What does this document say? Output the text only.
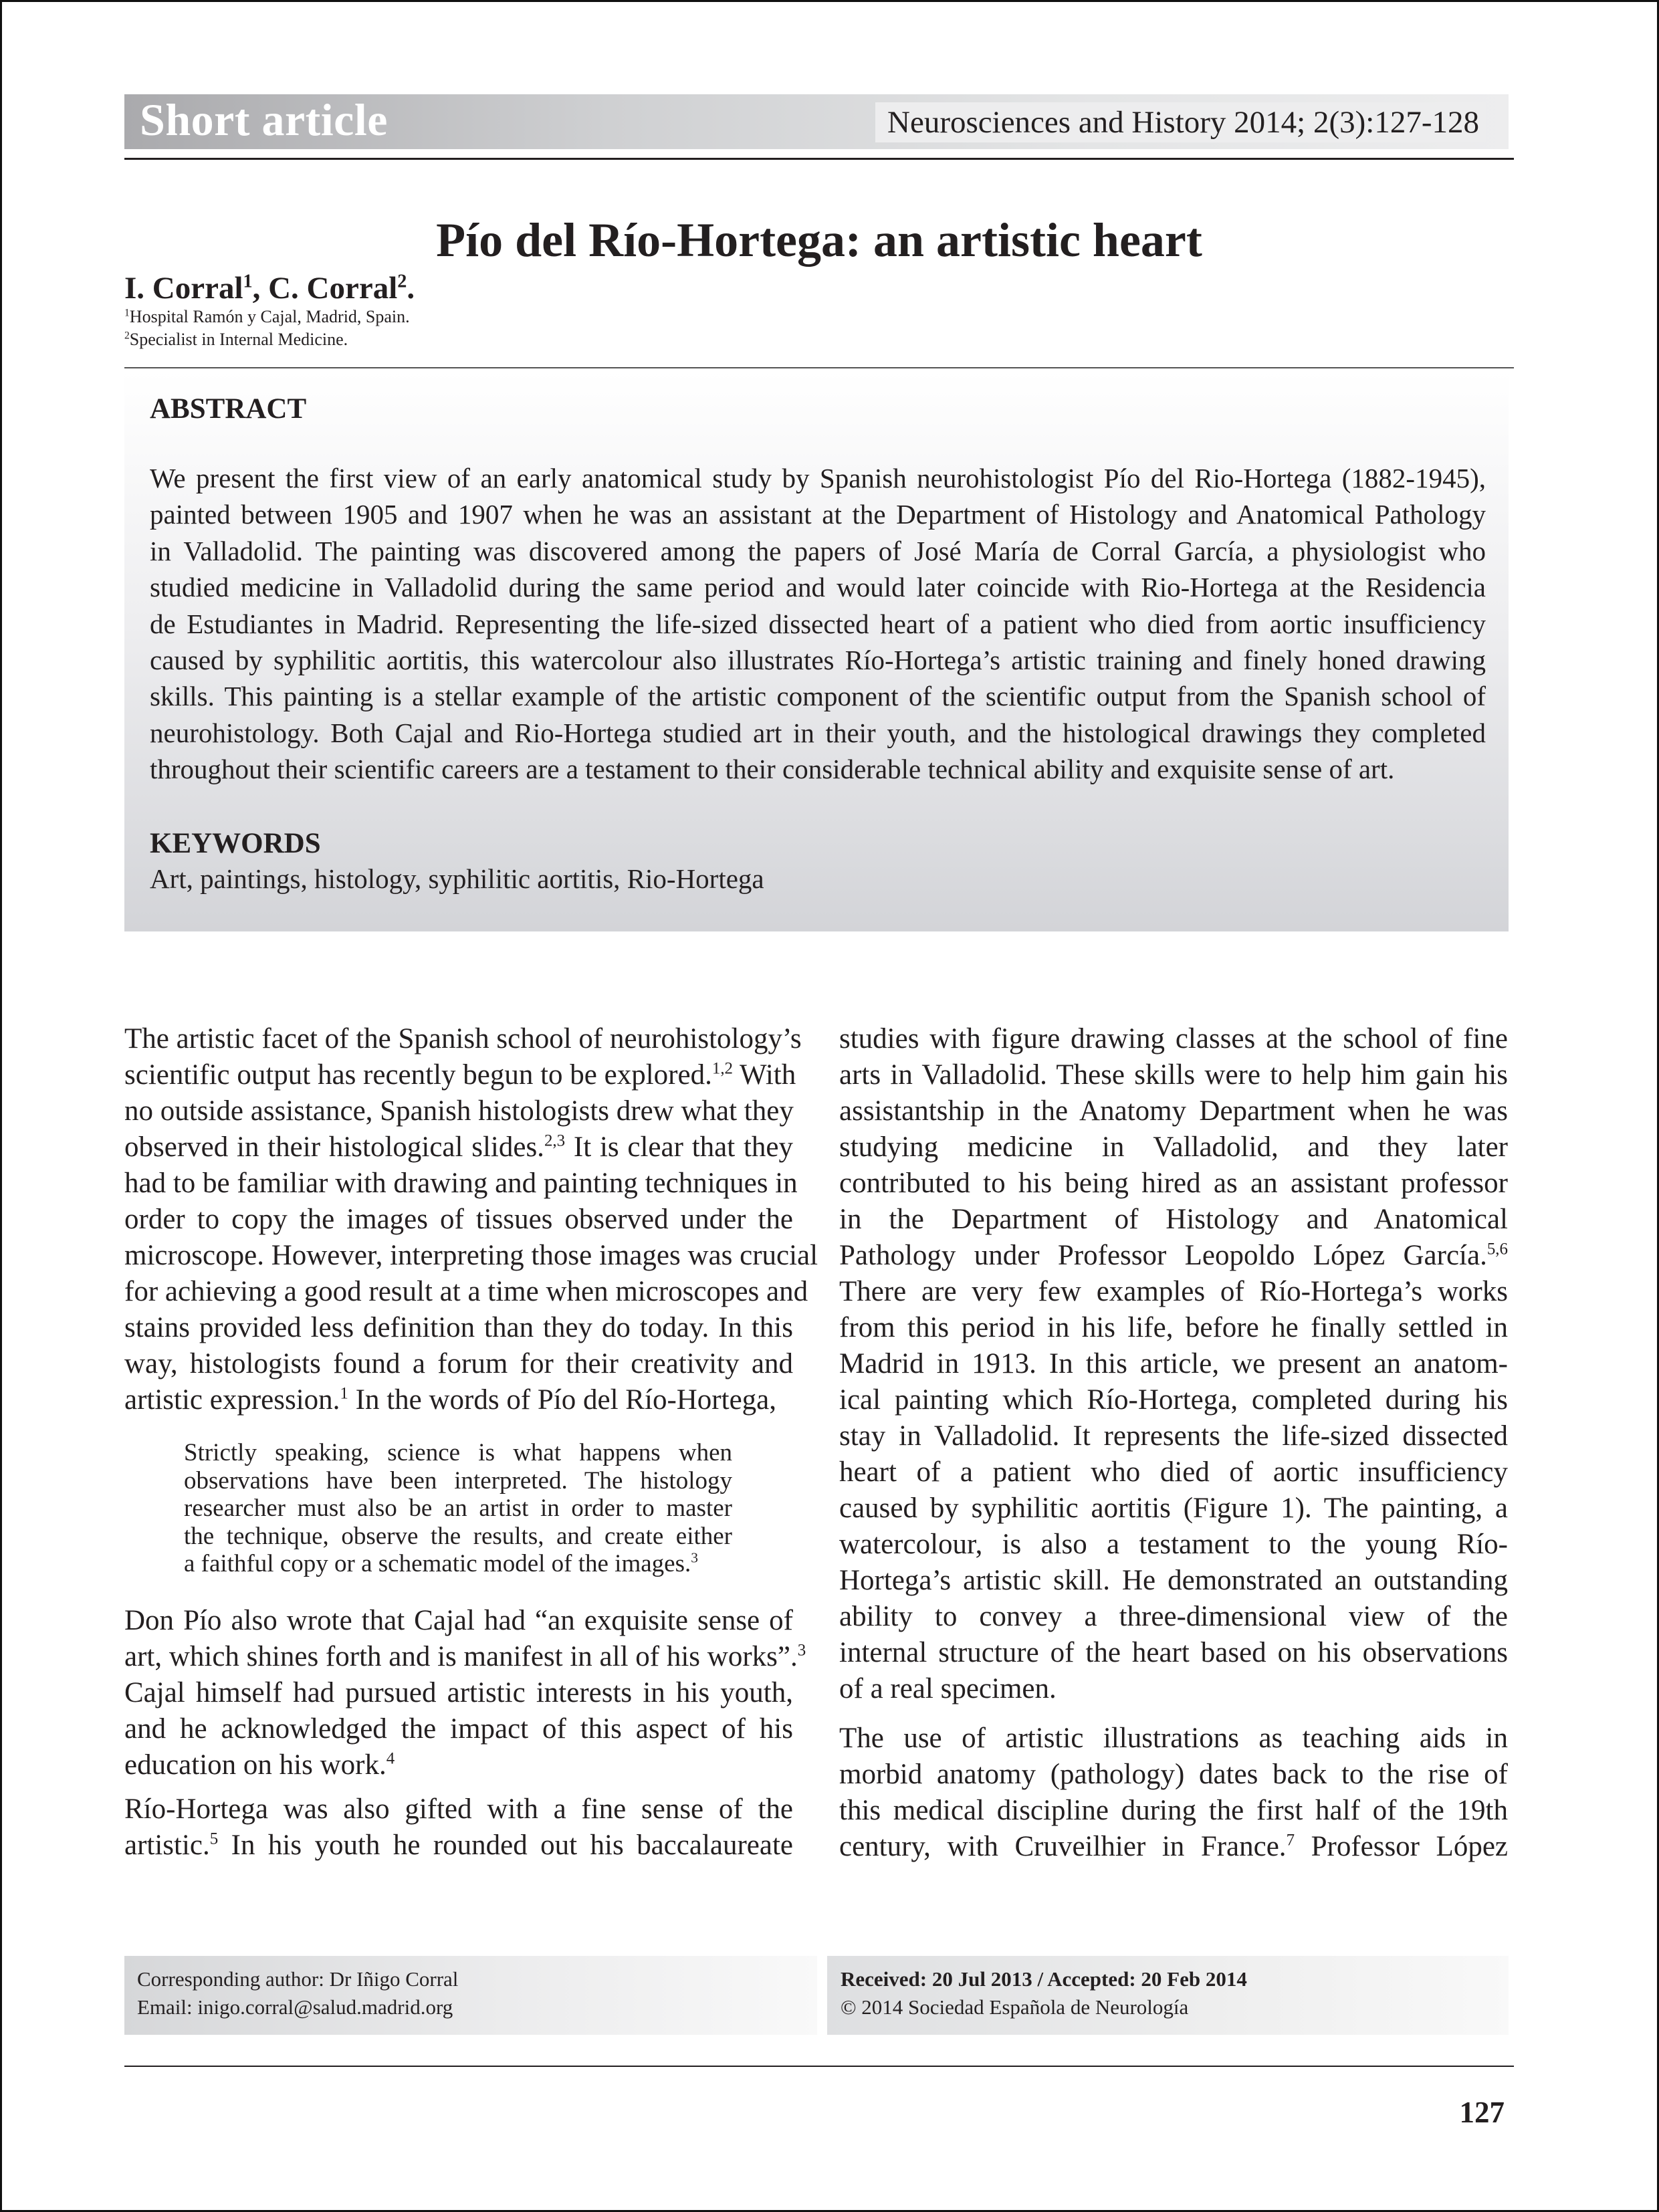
Short article	Neurosciences and History 2014; 2(3):127-128
Pío del Río-Hortega: an artistic heart
I. Corral$^1$, C. Corral$^2$.
$^1$Hospital Ramón y Cajal, Madrid, Spain.
$^2$Specialist in Internal Medicine.
ABSTRACT
We present the first view of an early anatomical study by Spanish neurohistologist Pío del Rio-Hortega (1882-1945),
painted between 1905 and 1907 when he was an assistant at the Department of Histology and Anatomical Pathology
in Valladolid. The painting was discovered among the papers of José María de Corral García, a physiologist who
studied medicine in Valladolid during the same period and would later coincide with Rio-Hortega at the Residencia
de Estudiantes in Madrid. Representing the life-sized dissected heart of a patient who died from aortic insufficiency
caused by syphilitic aortitis, this watercolour also illustrates Río-Hortega’s artistic training and finely honed drawing
skills. This painting is a stellar example of the artistic component of the scientific output from the Spanish school of
neurohistology. Both Cajal and Rio-Hortega studied art in their youth, and the histological drawings they completed
throughout their scientific careers are a testament to their considerable technical ability and exquisite sense of art.
KEYWORDS
Art, paintings, histology, syphilitic aortitis, Rio-Hortega
The artistic facet of the Spanish school of neurohistology’s
scientific output has recently begun to be explored.$^{1,2}$ With
no outside assistance, Spanish histologists drew what they
observed in their histological slides.$^{2,3}$ It is clear that they
had to be familiar with drawing and painting techniques in
order to copy the images of tissues observed under the
microscope. However, interpreting those images was crucial
for achieving a good result at a time when microscopes and
stains provided less definition than they do today. In this
way, histologists found a forum for their creativity and
artistic expression.$^1$ In the words of Pío del Río-Hortega,
Strictly speaking, science is what happens when
observations have been interpreted. The histology
researcher must also be an artist in order to master
the technique, observe the results, and create either
a faithful copy or a schematic model of the images.$^3$
Don Pío also wrote that Cajal had “an exquisite sense of
art, which shines forth and is manifest in all of his works”.$^3$
Cajal himself had pursued artistic interests in his youth,
and he acknowledged the impact of this aspect of his
education on his work.$^4$
Río-Hortega was also gifted with a fine sense of the
artistic.$^5$ In his youth he rounded out his baccalaureate
studies with figure drawing classes at the school of fine
arts in Valladolid. These skills were to help him gain his
assistantship in the Anatomy Department when he was
studying medicine in Valladolid, and they later
contributed to his being hired as an assistant professor
in the Department of Histology and Anatomical
Pathology under Professor Leopoldo López García.$^{5,6}$
There are very few examples of Río-Hortega’s works
from this period in his life, before he finally settled in
Madrid in 1913. In this article, we present an anatom-
ical painting which Río-Hortega, completed during his
stay in Valladolid. It represents the life-sized dissected
heart of a patient who died of aortic insufficiency
caused by syphilitic aortitis (Figure 1). The painting, a
watercolour, is also a testament to the young Río-
Hortega’s artistic skill. He demonstrated an outstanding
ability to convey a three-dimensional view of the
internal structure of the heart based on his observations
of a real specimen.
The use of artistic illustrations as teaching aids in
morbid anatomy (pathology) dates back to the rise of
this medical discipline during the first half of the 19th
century, with Cruveilhier in France.$^7$ Professor López
Corresponding author: Dr Iñigo Corral
Email: inigo.corral@salud.madrid.org
Received: 20 Jul 2013 / Accepted: 20 Feb 2014
© 2014 Sociedad Española de Neurología
127
